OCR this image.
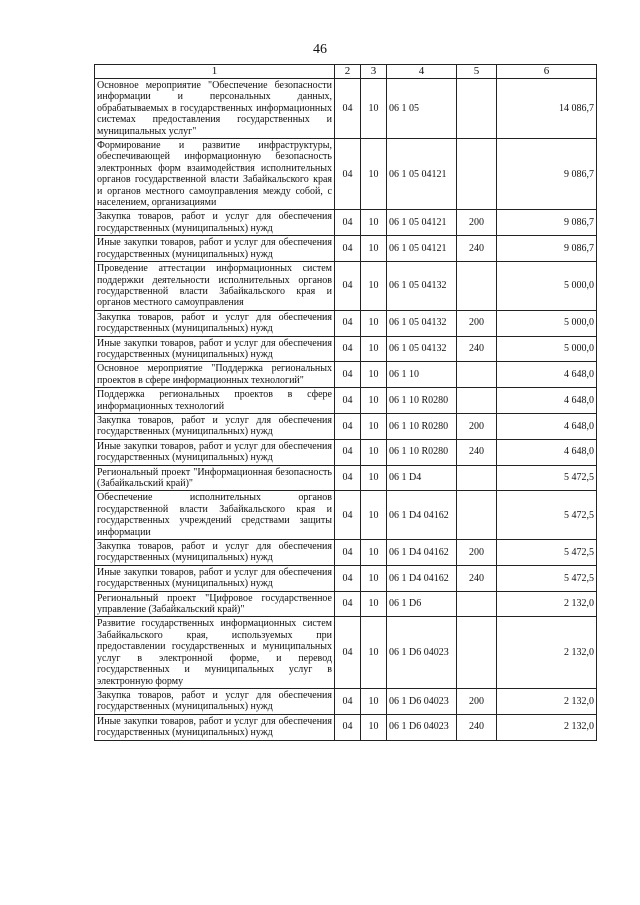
46
1	2	3	4	5	6
Основное мероприятие "Обеспечение безопасности информации и персональных данных, обрабатываемых в государственных информационных системах предоставления государственных и муниципальных услуг"	04	10	06 1 05		14 086,7
Формирование и развитие инфраструктуры, обеспечивающей информационную безопасность электронных форм взаимодействия исполнительных органов государственной власти Забайкальского края и органов местного самоуправления между собой, с населением, организациями	04	10	06 1 05 04121		9 086,7
Закупка товаров, работ и услуг для обеспечения государственных (муниципальных) нужд	04	10	06 1 05 04121	200	9 086,7
Иные закупки товаров, работ и услуг для обеспечения государственных (муниципальных) нужд	04	10	06 1 05 04121	240	9 086,7
Проведение аттестации информационных систем поддержки деятельности исполнительных органов государственной власти Забайкальского края и органов местного самоуправления	04	10	06 1 05 04132		5 000,0
Закупка товаров, работ и услуг для обеспечения государственных (муниципальных) нужд	04	10	06 1 05 04132	200	5 000,0
Иные закупки товаров, работ и услуг для обеспечения государственных (муниципальных) нужд	04	10	06 1 05 04132	240	5 000,0
Основное мероприятие "Поддержка региональных проектов в сфере информационных технологий"	04	10	06 1 10		4 648,0
Поддержка региональных проектов в сфере информационных технологий	04	10	06 1 10 R0280		4 648,0
Закупка товаров, работ и услуг для обеспечения государственных (муниципальных) нужд	04	10	06 1 10 R0280	200	4 648,0
Иные закупки товаров, работ и услуг для обеспечения государственных (муниципальных) нужд	04	10	06 1 10 R0280	240	4 648,0
Региональный проект "Информационная безопасность (Забайкальский край)"	04	10	06 1 D4		5 472,5
Обеспечение исполнительных органов государственной власти Забайкальского края и государственных учреждений средствами защиты информации	04	10	06 1 D4 04162		5 472,5
Закупка товаров, работ и услуг для обеспечения государственных (муниципальных) нужд	04	10	06 1 D4 04162	200	5 472,5
Иные закупки товаров, работ и услуг для обеспечения государственных (муниципальных) нужд	04	10	06 1 D4 04162	240	5 472,5
Региональный проект "Цифровое государственное управление (Забайкальский край)"	04	10	06 1 D6		2 132,0
Развитие государственных информационных систем Забайкальского края, используемых при предоставлении государственных и муниципальных услуг в электронной форме, и перевод государственных и муниципальных услуг в электронную форму	04	10	06 1 D6 04023		2 132,0
Закупка товаров, работ и услуг для обеспечения государственных (муниципальных) нужд	04	10	06 1 D6 04023	200	2 132,0
Иные закупки товаров, работ и услуг для обеспечения государственных (муниципальных) нужд	04	10	06 1 D6 04023	240	2 132,0
